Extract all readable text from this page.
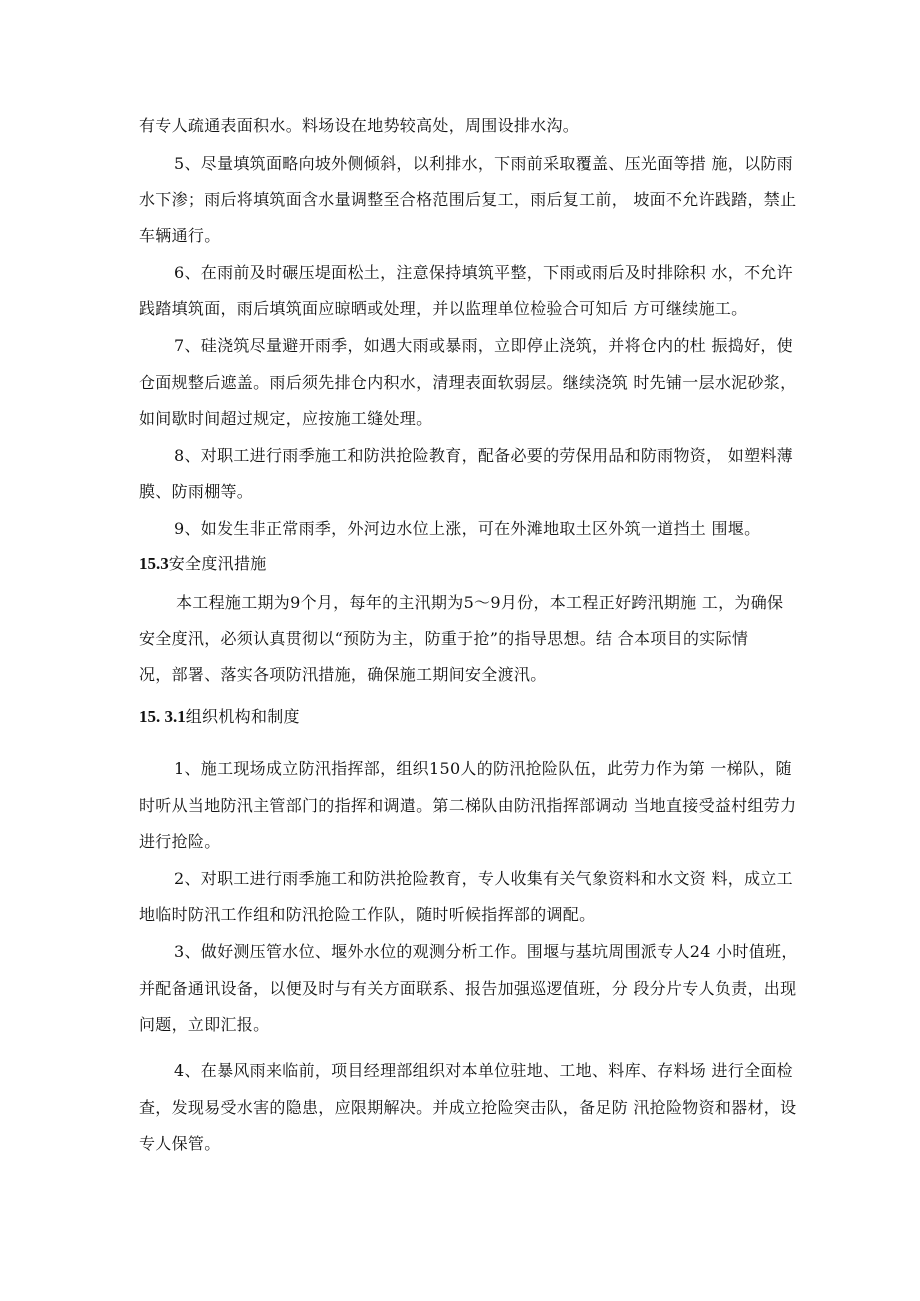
有专人疏通表面积水。料场设在地势较高处，周围设排水沟。
5、尽量填筑面略向坡外侧倾斜，以利排水，下雨前采取覆盖、压光面等措 施，以防雨
水下渗；雨后将填筑面含水量调整至合格范围后复工，雨后复工前， 坡面不允许践踏，禁止
车辆通行。
6、在雨前及时碾压堤面松土，注意保持填筑平整，下雨或雨后及时排除积 水，不允许
践踏填筑面，雨后填筑面应晾晒或处理，并以监理单位检验合可知后 方可继续施工。
7、硅浇筑尽量避开雨季，如遇大雨或暴雨，立即停止浇筑，并将仓内的杜 振捣好，使
仓面规整后遮盖。雨后须先排仓内积水，清理表面软弱层。继续浇筑 时先铺一层水泥砂浆，
如间歇时间超过规定，应按施工缝处理。
8、对职工进行雨季施工和防洪抢险教育，配备必要的劳保用品和防雨物资， 如塑料薄
膜、防雨棚等。
9、如发生非正常雨季，外河边水位上涨，可在外滩地取土区外筑一道挡土 围堰。
15.3安全度汛措施
本工程施工期为9个月，每年的主汛期为5～9月份，本工程正好跨汛期施 工，为确保
安全度汛，必须认真贯彻以“预防为主，防重于抢”的指导思想。结 合本项目的实际情
况，部署、落实各项防汛措施，确保施工期间安全渡汛。
15. 3.1组织机构和制度
1、施工现场成立防汛指挥部，组织150人的防汛抢险队伍，此劳力作为第 一梯队，随
时听从当地防汛主管部门的指挥和调遣。第二梯队由防汛指挥部调动 当地直接受益村组劳力
进行抢险。
2、对职工进行雨季施工和防洪抢险教育，专人收集有关气象资料和水文资 料，成立工
地临时防汛工作组和防汛抢险工作队，随时听候指挥部的调配。
3、做好测压管水位、堰外水位的观测分析工作。围堰与基坑周围派专人24 小时值班，
并配备通讯设备，以便及时与有关方面联系、报告加强巡逻值班，分 段分片专人负责，出现
问题，立即汇报。
4、在暴风雨来临前，项目经理部组织对本单位驻地、工地、料库、存料场 进行全面检
查，发现易受水害的隐患，应限期解决。并成立抢险突击队，备足防 汛抢险物资和器材，设
专人保管。
